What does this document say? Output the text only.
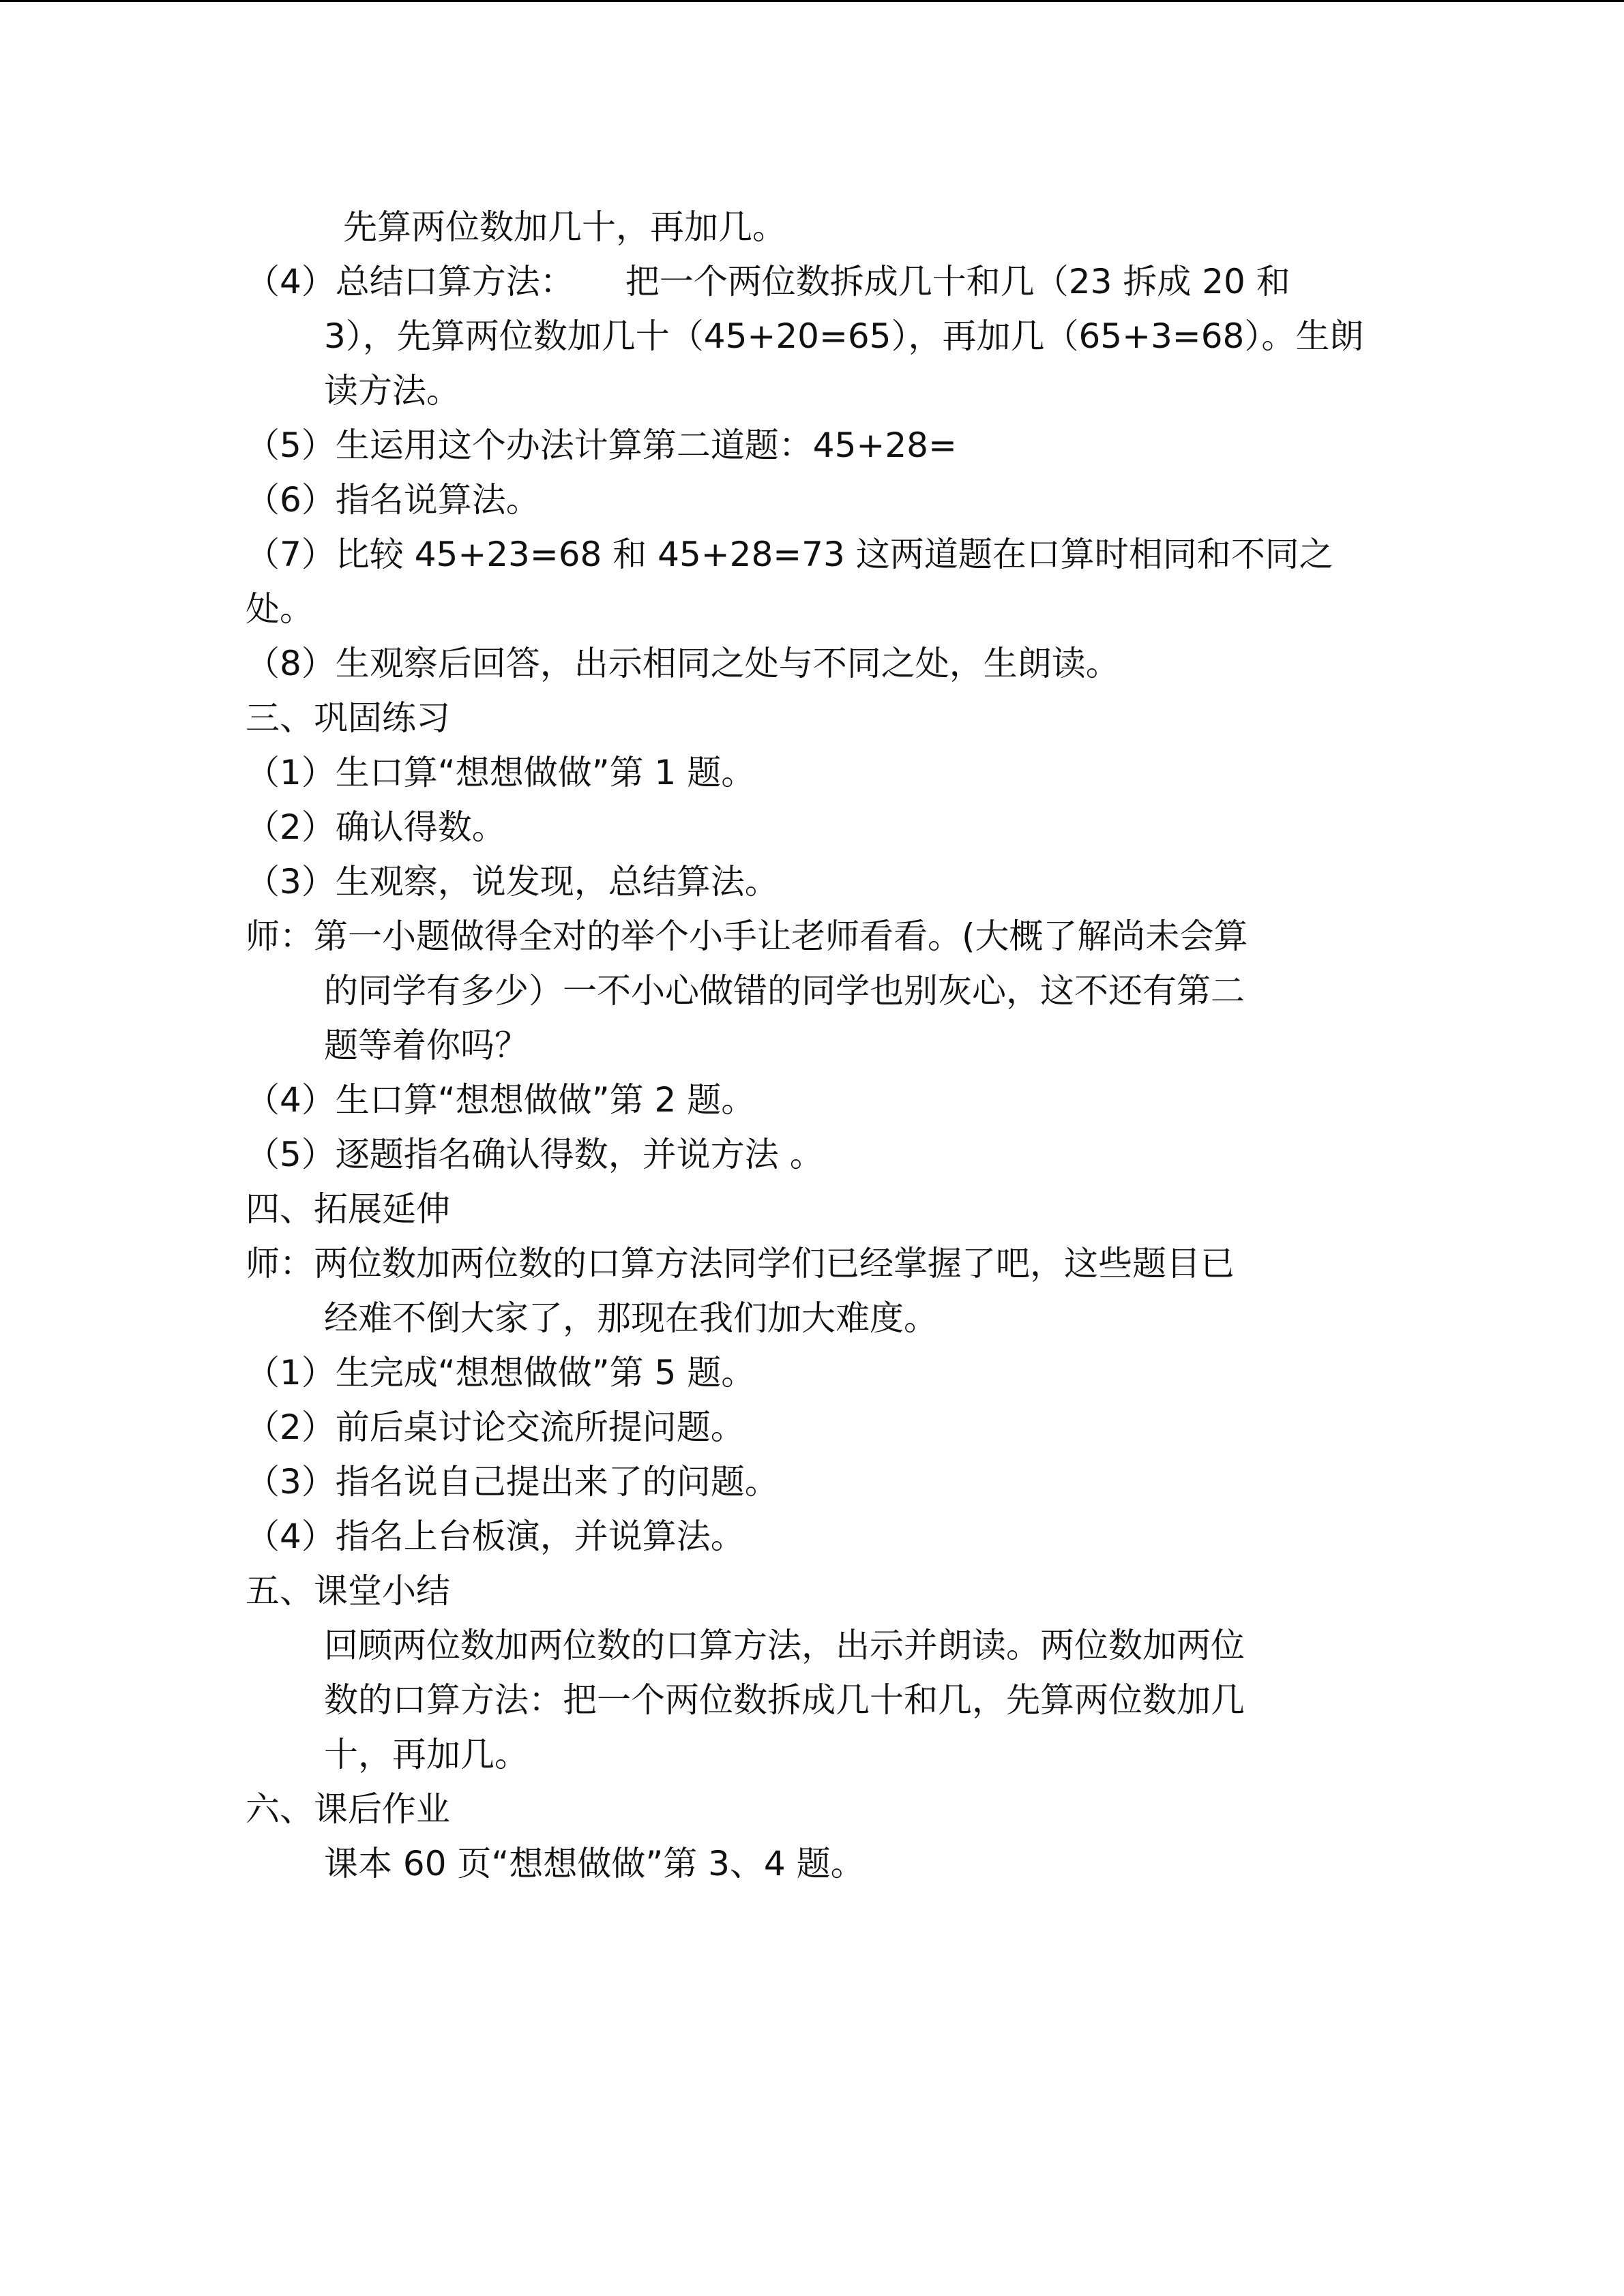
先算两位数加几十，再加几。

（4）总结口算方法：　　把一个两位数拆成几十和几（23 拆成 20 和

3），先算两位数加几十（45+20=65），再加几（65+3=68）。生朗

读方法。

（5）生运用这个办法计算第二道题：45+28=

（6）指名说算法。

（7）比较 45+23=68 和 45+28=73 这两道题在口算时相同和不同之

处。

（8）生观察后回答，出示相同之处与不同之处，生朗读。

三、巩固练习

（1）生口算“想想做做”第 1 题。

（2）确认得数。

（3）生观察，说发现，总结算法。

师：第一小题做得全对的举个小手让老师看看。(大概了解尚未会算

的同学有多少）一不小心做错的同学也别灰心，这不还有第二

题等着你吗？

（4）生口算“想想做做”第 2 题。

（5）逐题指名确认得数，并说方法 。

四、拓展延伸

师：两位数加两位数的口算方法同学们已经掌握了吧，这些题目已

经难不倒大家了，那现在我们加大难度。

（1）生完成“想想做做”第 5 题。

（2）前后桌讨论交流所提问题。

（3）指名说自己提出来了的问题。

（4）指名上台板演，并说算法。

五、课堂小结

回顾两位数加两位数的口算方法，出示并朗读。两位数加两位

数的口算方法：把一个两位数拆成几十和几，先算两位数加几

十，再加几。

六、课后作业

课本 60 页“想想做做”第 3、4 题。
